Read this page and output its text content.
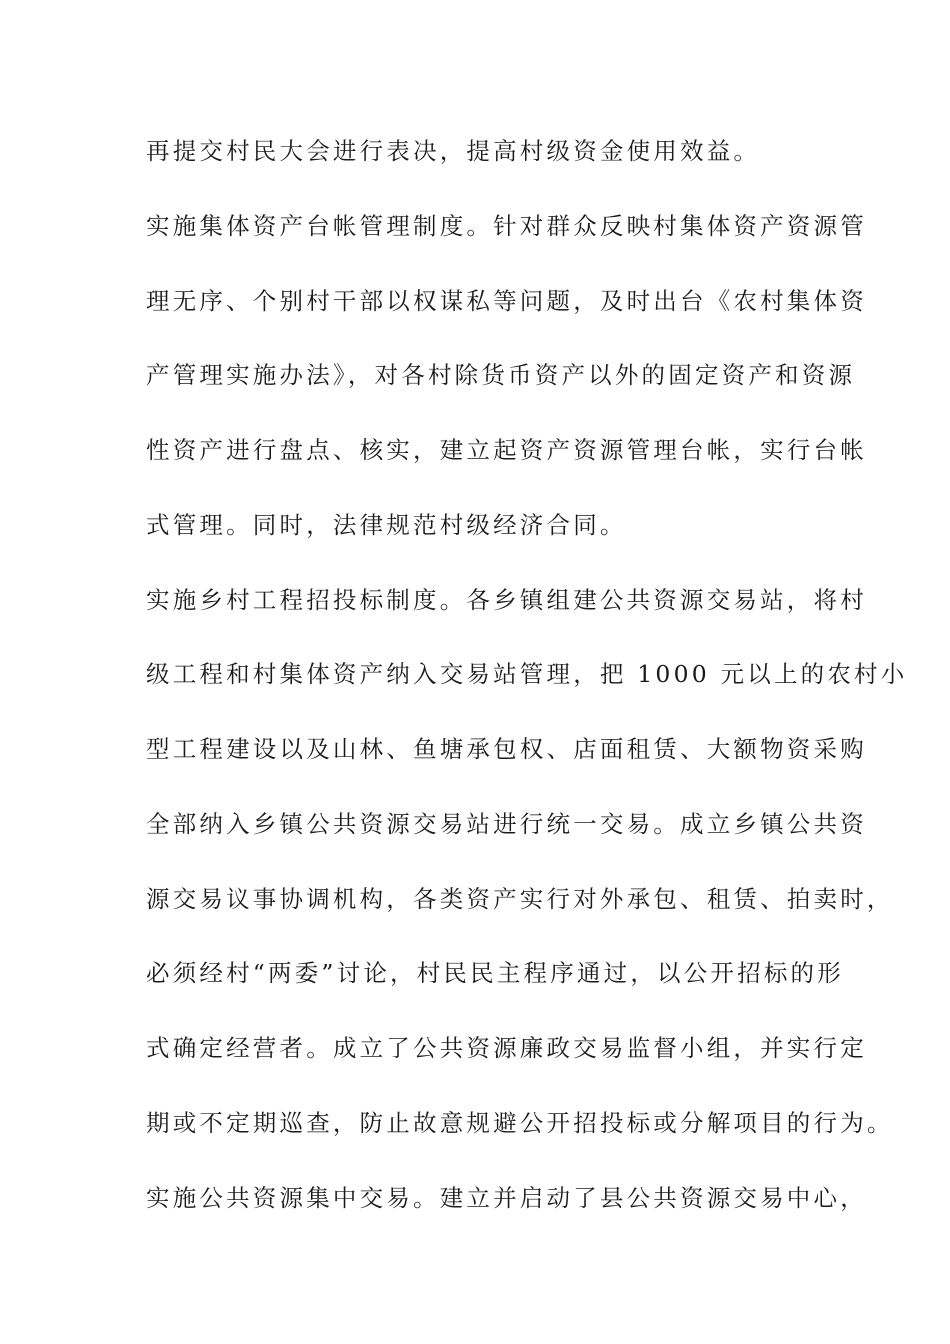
再提交村民大会进行表决，提高村级资金使用效益。
实施集体资产台帐管理制度。针对群众反映村集体资产资源管
理无序、个别村干部以权谋私等问题，及时出台《农村集体资
产管理实施办法》，对各村除货币资产以外的固定资产和资源
性资产进行盘点、核实，建立起资产资源管理台帐，实行台帐
式管理。同时，法律规范村级经济合同。
实施乡村工程招投标制度。各乡镇组建公共资源交易站，将村
级工程和村集体资产纳入交易站管理，把 1000 元以上的农村小
型工程建设以及山林、鱼塘承包权、店面租赁、大额物资采购
全部纳入乡镇公共资源交易站进行统一交易。成立乡镇公共资
源交易议事协调机构，各类资产实行对外承包、租赁、拍卖时，
必须经村“两委”讨论，村民民主程序通过，以公开招标的形
式确定经营者。成立了公共资源廉政交易监督小组，并实行定
期或不定期巡查，防止故意规避公开招投标或分解项目的行为。
实施公共资源集中交易。建立并启动了县公共资源交易中心，
